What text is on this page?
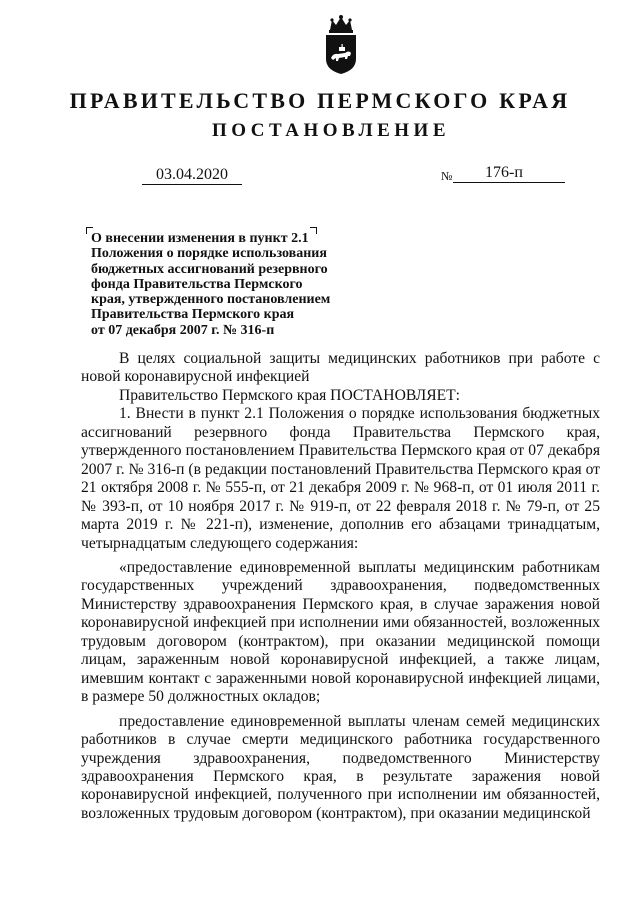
ПРАВИТЕЛЬСТВО ПЕРМСКОГО КРАЯ
ПОСТАНОВЛЕНИЕ
03.04.2020	№	176-п
О внесении изменения в пункт 2.1
Положения о порядке использования
бюджетных ассигнований резервного
фонда Правительства Пермского
края, утвержденного постановлением
Правительства Пермского края
от 07 декабря 2007 г. № 316-п

В целях социальной защиты медицинских работников при работе с новой коронавирусной инфекцией

Правительство Пермского края ПОСТАНОВЛЯЕТ:

1. Внести в пункт 2.1 Положения о порядке использования бюджетных ассигнований резервного фонда Правительства Пермского края, утвержденного постановлением Правительства Пермского края от 07 декабря 2007 г. № 316-п (в редакции постановлений Правительства Пермского края от 21 октября 2008 г. № 555-п, от 21 декабря 2009 г. № 968-п, от 01 июля 2011 г. № 393-п, от 10 ноября 2017 г. № 919-п, от 22 февраля 2018 г. № 79-п, от 25 марта 2019 г. № 221-п), изменение, дополнив его абзацами тринадцатым, четырнадцатым следующего содержания:

«предоставление единовременной выплаты медицинским работникам государственных учреждений здравоохранения, подведомственных Министерству здравоохранения Пермского края, в случае заражения новой коронавирусной инфекцией при исполнении ими обязанностей, возложенных трудовым договором (контрактом), при оказании медицинской помощи лицам, зараженным новой коронавирусной инфекцией, а также лицам, имевшим контакт с зараженными новой коронавирусной инфекцией лицами, в размере 50 должностных окладов;

предоставление единовременной выплаты членам семей медицинских работников в случае смерти медицинского работника государственного учреждения здравоохранения, подведомственного Министерству здравоохранения Пермского края, в результате заражения новой коронавирусной инфекцией, полученного при исполнении им обязанностей, возложенных трудовым договором (контрактом), при оказании медицинской
